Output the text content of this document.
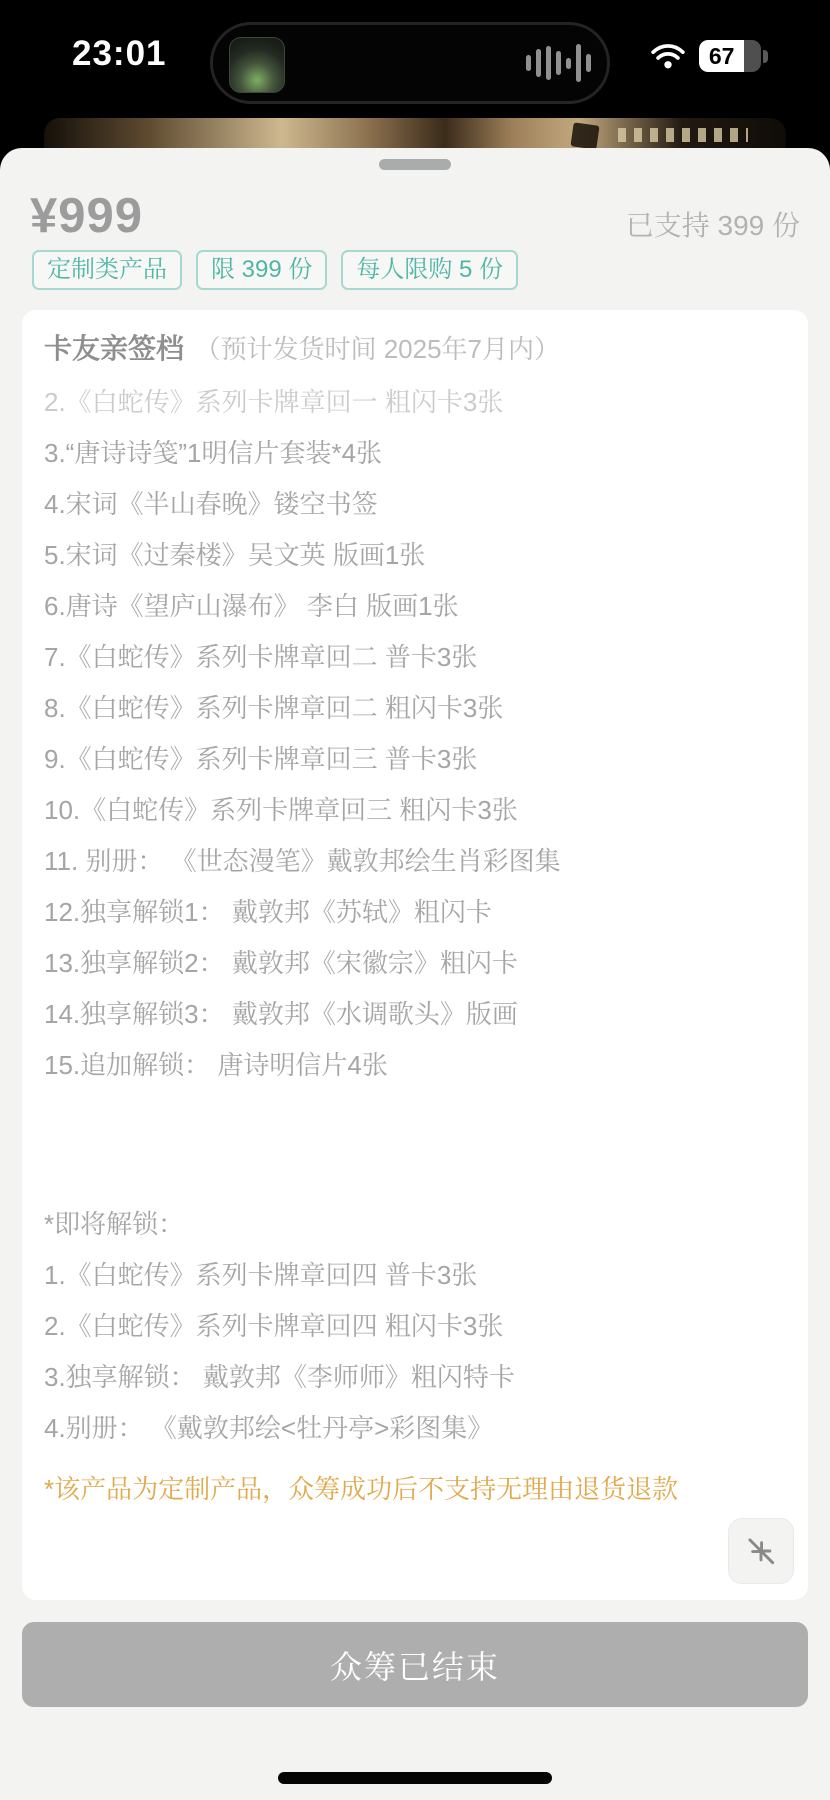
23:01	67
¥999	已支持 399 份
定制类产品	限 399 份	每人限购 5 份
卡友亲签档 （预计发货时间 2025年7月内）
2.《白蛇传》系列卡牌章回一 粗闪卡3张
3.“唐诗诗笺”1明信片套装*4张
4.宋词《半山春晚》镂空书签
5.宋词《过秦楼》吴文英 版画1张
6.唐诗《望庐山瀑布》 李白 版画1张
7.《白蛇传》系列卡牌章回二 普卡3张
8.《白蛇传》系列卡牌章回二 粗闪卡3张
9.《白蛇传》系列卡牌章回三 普卡3张
10.《白蛇传》系列卡牌章回三 粗闪卡3张
11. 别册： 《世态漫笔》戴敦邦绘生肖彩图集
12.独享解锁1： 戴敦邦《苏轼》粗闪卡
13.独享解锁2： 戴敦邦《宋徽宗》粗闪卡
14.独享解锁3： 戴敦邦《水调歌头》版画
15.追加解锁： 唐诗明信片4张
*即将解锁：
1.《白蛇传》系列卡牌章回四 普卡3张
2.《白蛇传》系列卡牌章回四 粗闪卡3张
3.独享解锁： 戴敦邦《李师师》粗闪特卡
4.别册： 《戴敦邦绘<牡丹亭>彩图集》
*该产品为定制产品，众筹成功后不支持无理由退货退款
众筹已结束
